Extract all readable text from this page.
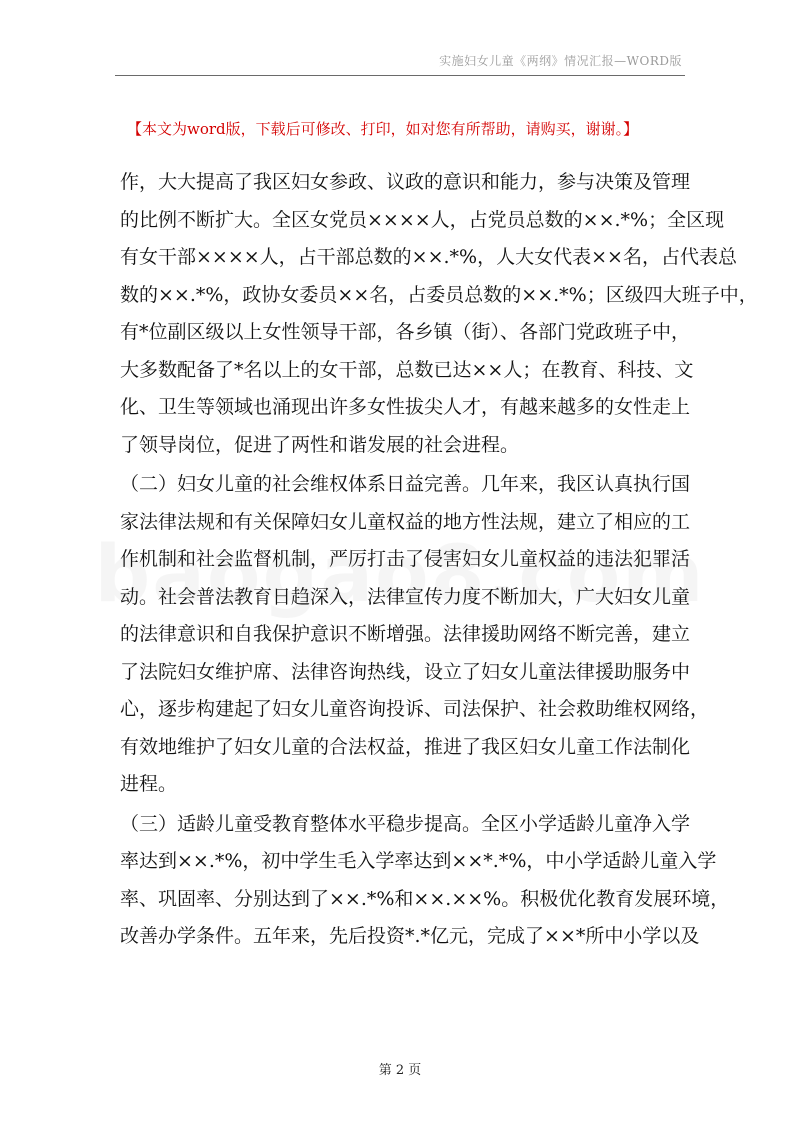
实施妇女儿童《两纲》情况汇报—WORD版
【本文为word版，下载后可修改、打印，如对您有所帮助，请购买，谢谢。】
作，大大提高了我区妇女参政、议政的意识和能力，参与决策及管理
的比例不断扩大。全区女党员××××人，占党员总数的××.*%；全区现
有女干部××××人，占干部总数的××.*%，人大女代表××名，占代表总
数的××.*%，政协女委员××名，占委员总数的××.*%；区级四大班子中，
有*位副区级以上女性领导干部，各乡镇（街）、各部门党政班子中，
大多数配备了*名以上的女干部，总数已达××人；在教育、科技、文
化、卫生等领域也涌现出许多女性拔尖人才，有越来越多的女性走上
了领导岗位，促进了两性和谐发展的社会进程。
（二）妇女儿童的社会维权体系日益完善。几年来，我区认真执行国
家法律法规和有关保障妇女儿童权益的地方性法规，建立了相应的工
作机制和社会监督机制，严厉打击了侵害妇女儿童权益的违法犯罪活
动。社会普法教育日趋深入，法律宣传力度不断加大，广大妇女儿童
的法律意识和自我保护意识不断增强。法律援助网络不断完善，建立
了法院妇女维护席、法律咨询热线，设立了妇女儿童法律援助服务中
心，逐步构建起了妇女儿童咨询投诉、司法保护、社会救助维权网络，
有效地维护了妇女儿童的合法权益，推进了我区妇女儿童工作法制化
进程。
（三）适龄儿童受教育整体水平稳步提高。全区小学适龄儿童净入学
率达到××.*%，初中学生毛入学率达到××*.*%，中小学适龄儿童入学
率、巩固率、分别达到了××.*%和××.××%。积极优化教育发展环境，
改善办学条件。五年来，先后投资*.*亿元，完成了××*所中小学以及
第 2 页
